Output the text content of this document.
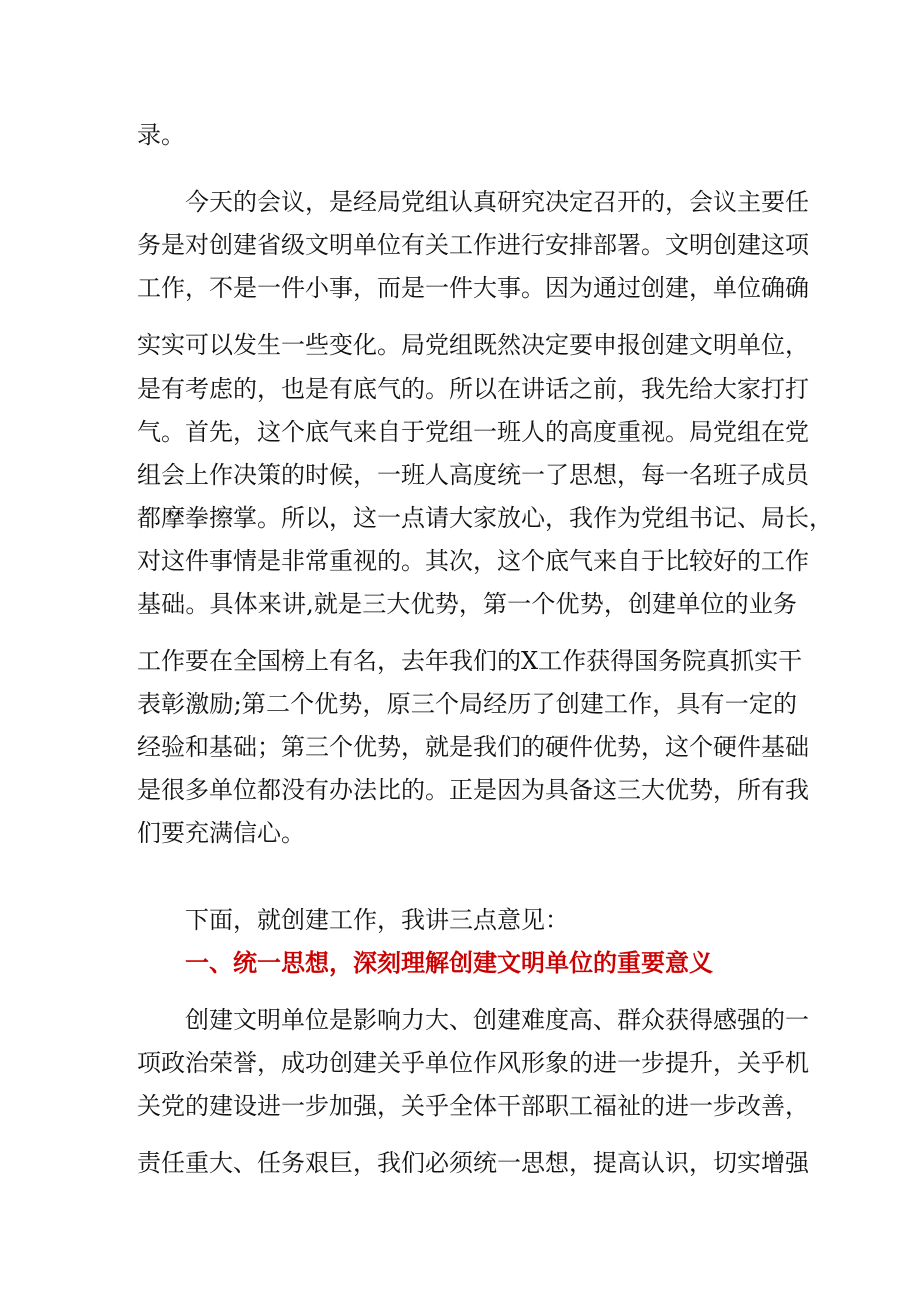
录。

今天的会议，是经局党组认真研究决定召开的，会议主要任

务是对创建省级文明单位有关工作进行安排部署。文明创建这项

工作，不是一件小事，而是一件大事。因为通过创建，单位确确

实实可以发生一些变化。局党组既然决定要申报创建文明单位，

是有考虑的，也是有底气的。所以在讲话之前，我先给大家打打

气。首先，这个底气来自于党组一班人的高度重视。局党组在党

组会上作决策的时候，一班人高度统一了思想，每一名班子成员

都摩拳擦掌。所以，这一点请大家放心，我作为党组书记、局长，

对这件事情是非常重视的。其次，这个底气来自于比较好的工作

基础。具体来讲,就是三大优势，第一个优势，创建单位的业务

工作要在全国榜上有名，去年我们的X工作获得国务院真抓实干

表彰激励;第二个优势，原三个局经历了创建工作，具有一定的

经验和基础；第三个优势，就是我们的硬件优势，这个硬件基础

是很多单位都没有办法比的。正是因为具备这三大优势，所有我

们要充满信心。

下面，就创建工作，我讲三点意见：

一、统一思想，深刻理解创建文明单位的重要意义

创建文明单位是影响力大、创建难度高、群众获得感强的一

项政治荣誉，成功创建关乎单位作风形象的进一步提升，关乎机

关党的建设进一步加强，关乎全体干部职工福祉的进一步改善，

责任重大、任务艰巨，我们必须统一思想，提高认识，切实增强
